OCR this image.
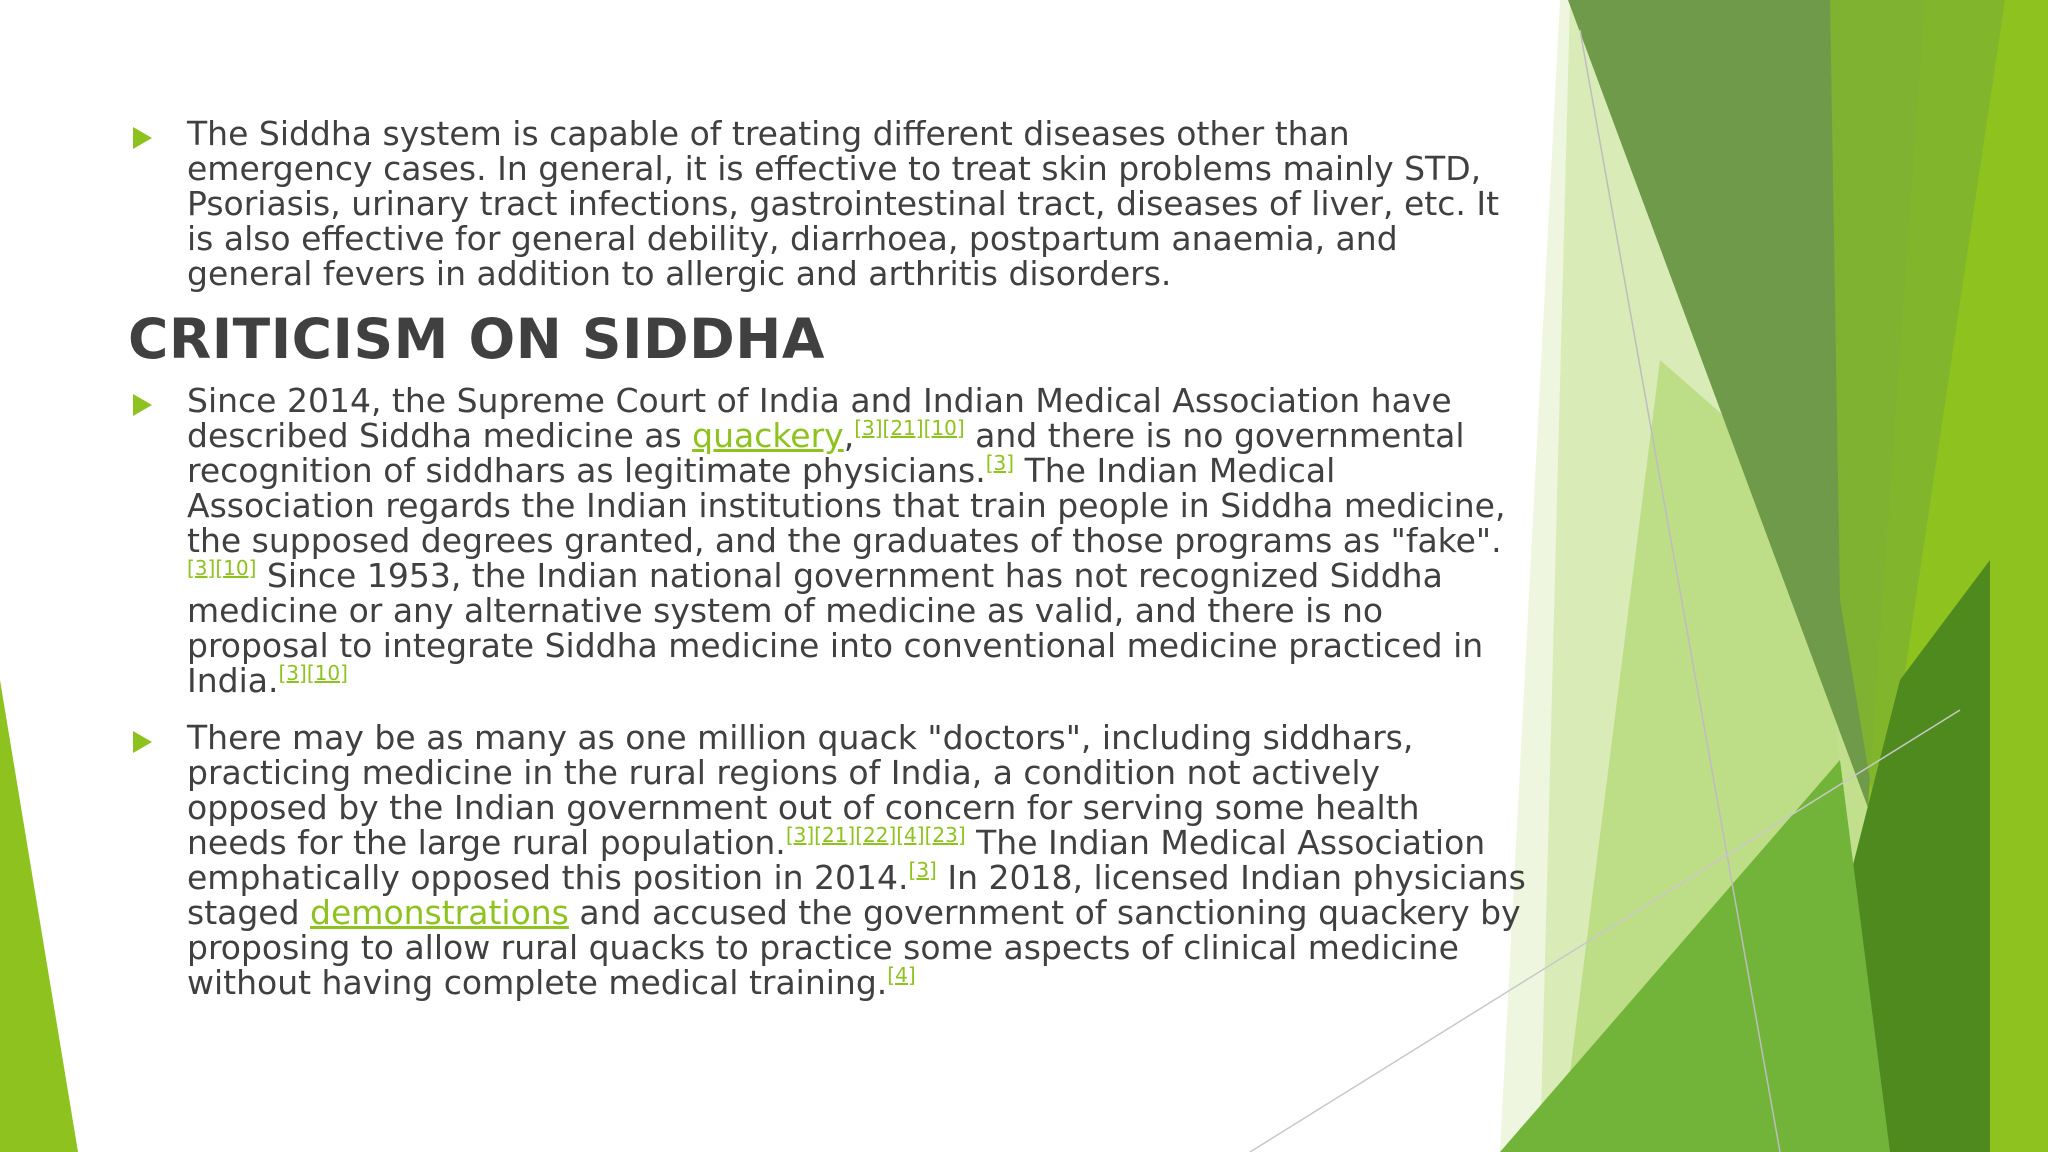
The Siddha system is capable of treating different diseases other than emergency cases. In general, it is effective to treat skin problems mainly STD, Psoriasis, urinary tract infections, gastrointestinal tract, diseases of liver, etc. It is also effective for general debility, diarrhoea, postpartum anaemia, and general fevers in addition to allergic and arthritis disorders.

CRITICISM ON SIDDHA

Since 2014, the Supreme Court of India and Indian Medical Association have described Siddha medicine as quackery,[3][21][10] and there is no governmental recognition of siddhars as legitimate physicians.[3] The Indian Medical Association regards the Indian institutions that train people in Siddha medicine, the supposed degrees granted, and the graduates of those programs as "fake".[3][10] Since 1953, the Indian national government has not recognized Siddha medicine or any alternative system of medicine as valid, and there is no proposal to integrate Siddha medicine into conventional medicine practiced in India.[3][10]

There may be as many as one million quack "doctors", including siddhars, practicing medicine in the rural regions of India, a condition not actively opposed by the Indian government out of concern for serving some health needs for the large rural population.[3][21][22][4][23] The Indian Medical Association emphatically opposed this position in 2014.[3] In 2018, licensed Indian physicians staged demonstrations and accused the government of sanctioning quackery by proposing to allow rural quacks to practice some aspects of clinical medicine without having complete medical training.[4]
